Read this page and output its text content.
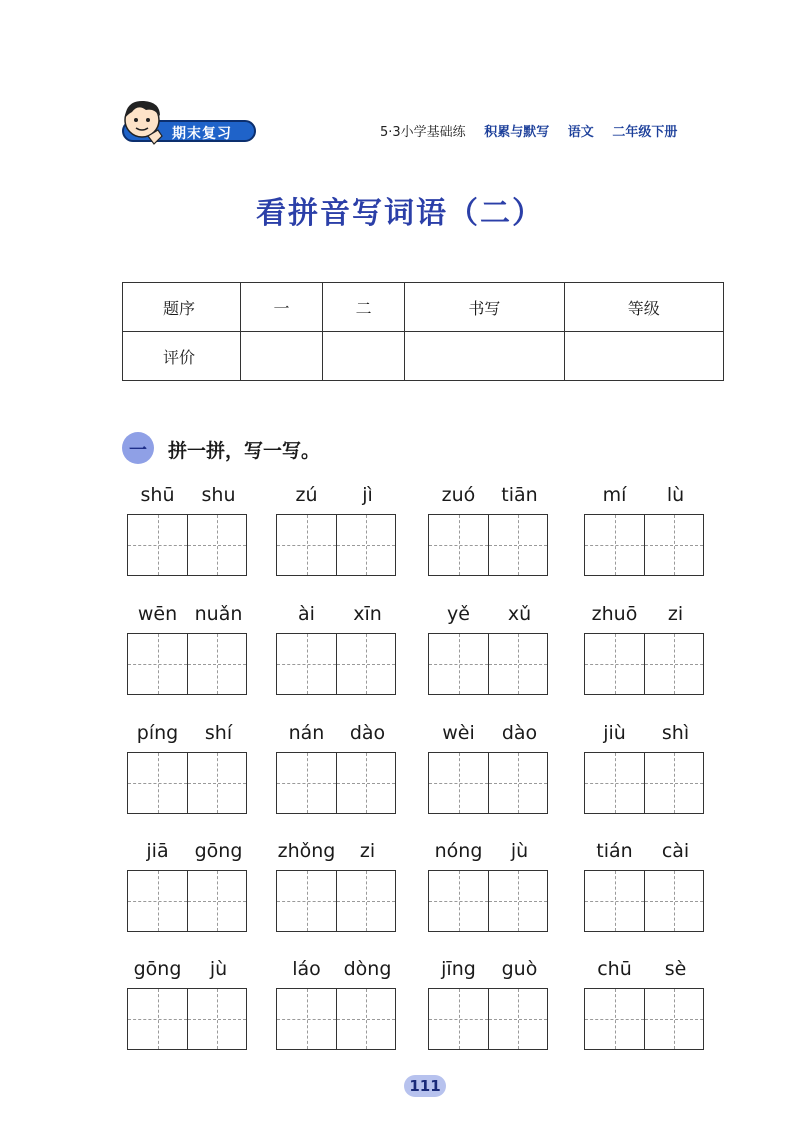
期末复习	5·3小学基础练 积累与默写 语文 二年级下册
看拼音写词语（二）
题序	一	二	书写	等级
评价				
一	拼一拼，写一写。
shū	shu	zú	jì	zuó	tiān	mí	lù
wēn nuǎn	ài	xīn	yě	xǔ	zhuō	zi
píng	shí	nán	dào	wèi	dào	jiù	shì
jiā	gōng	zhǒng	zi	nóng	jù	tián	cài
gōng	jù	láo	dòng	jīng	guò	chū	sè
111
